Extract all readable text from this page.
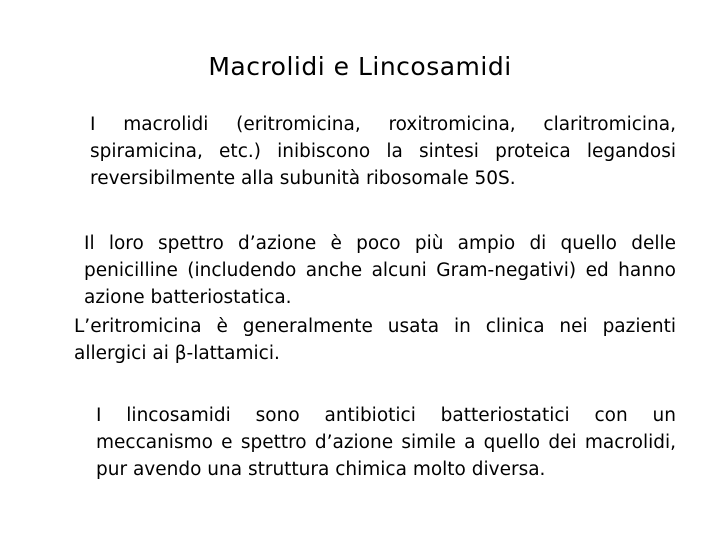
Macrolidi e Lincosamidi

I macrolidi (eritromicina, roxitromicina, claritromicina, spiramicina, etc.) inibiscono la sintesi proteica legandosi reversibilmente alla subunità ribosomale 50S.

Il loro spettro d’azione è poco più ampio di quello delle penicilline (includendo anche alcuni Gram-negativi) ed hanno azione batteriostatica.

L’eritromicina è generalmente usata in clinica nei pazienti allergici ai β-lattamici.

I lincosamidi sono antibiotici batteriostatici con un meccanismo e spettro d’azione simile a quello dei macrolidi, pur avendo una struttura chimica molto diversa.
